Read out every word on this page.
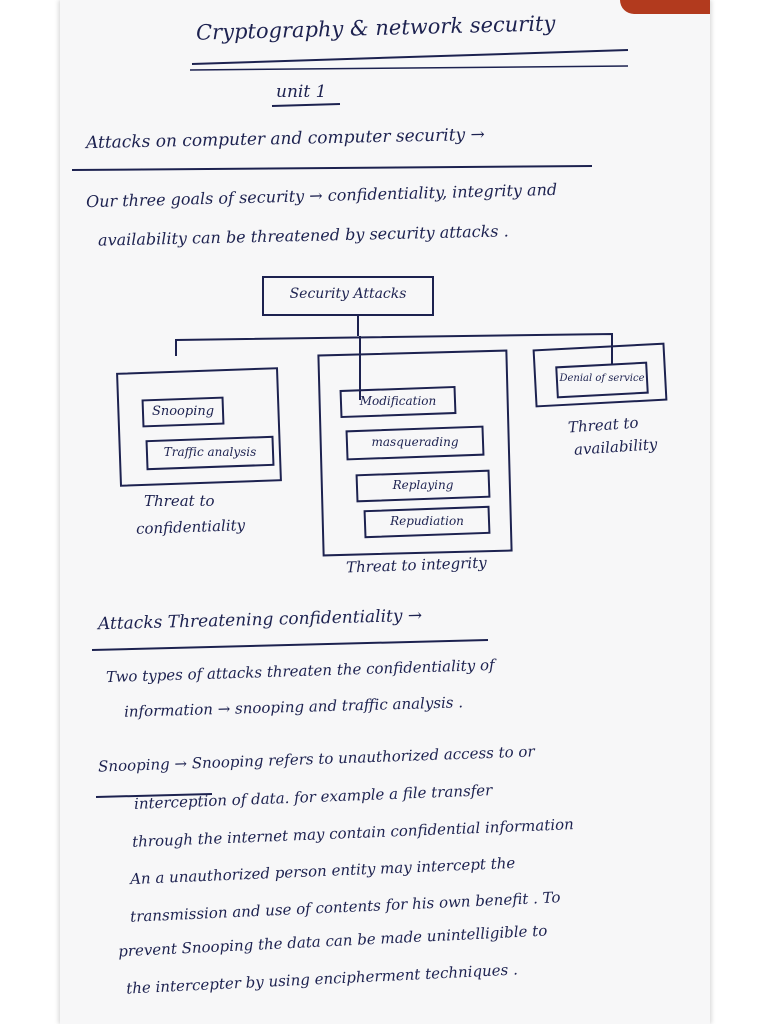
Cryptography & network security
unit 1
Attacks on computer and computer security →
Our three goals of security → confidentiality, integrity and
availability can be threatened by security attacks .
Security Attacks
Snooping
Traffic analysis
Threat to
confidentiality
Modification
masquerading
Replaying
Repudiation
Threat to integrity
Denial of service
Threat to
availability
Attacks Threatening confidentiality →
Two types of attacks threaten the confidentiality of
information → snooping and traffic analysis .
Snooping → Snooping refers to unauthorized access to or
interception of data. for example a file transfer
through the internet may contain confidential information
An a unauthorized person entity may intercept the
transmission and use of contents for his own benefit . To
prevent Snooping the data can be made unintelligible to
the intercepter by using encipherment techniques .
